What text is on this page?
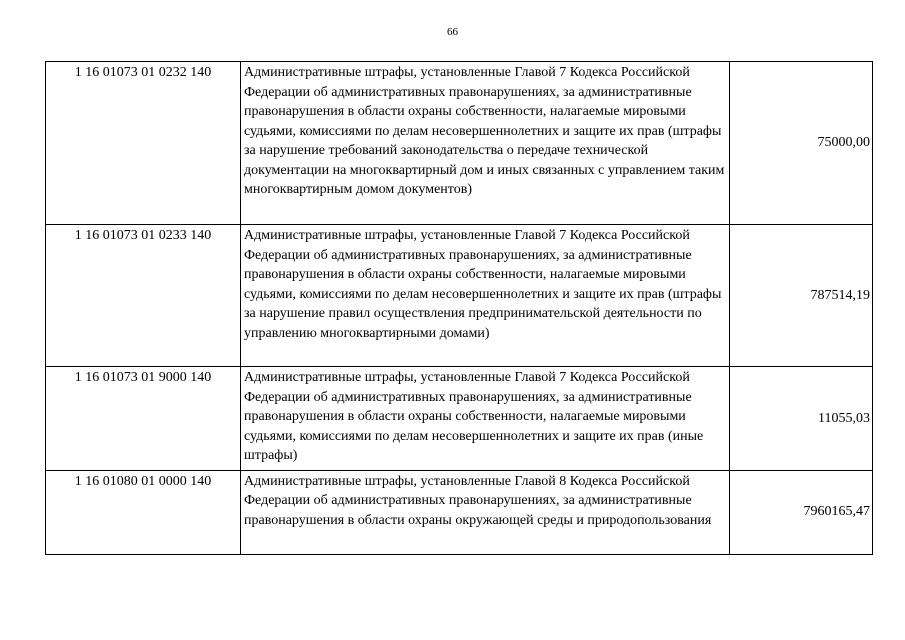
66
1 16 01073 01 0232 140	Административные штрафы, установленные Главой 7 Кодекса Российской Федерации об административных правонарушениях, за административные правонарушения в области охраны собственности, налагаемые мировыми судьями, комиссиями по делам несовершеннолетних и защите их прав (штрафы за нарушение требований законодательства о передаче технической документации на многоквартирный дом и иных связанных с управлением таким многоквартирным домом документов)	75000,00
1 16 01073 01 0233 140	Административные штрафы, установленные Главой 7 Кодекса Российской Федерации об административных правонарушениях, за административные правонарушения в области охраны собственности, налагаемые мировыми судьями, комиссиями по делам несовершеннолетних и защите их прав (штрафы за нарушение правил осуществления предпринимательской деятельности по управлению многоквартирными домами)	787514,19
1 16 01073 01 9000 140	Административные штрафы, установленные Главой 7 Кодекса Российской Федерации об административных правонарушениях, за административные правонарушения в области охраны собственности, налагаемые мировыми судьями, комиссиями по делам несовершеннолетних и защите их прав (иные штрафы)	11055,03
1 16 01080 01 0000 140	Административные штрафы, установленные Главой 8 Кодекса Российской Федерации об административных правонарушениях, за административные правонарушения в области охраны окружающей среды и природопользования	7960165,47
